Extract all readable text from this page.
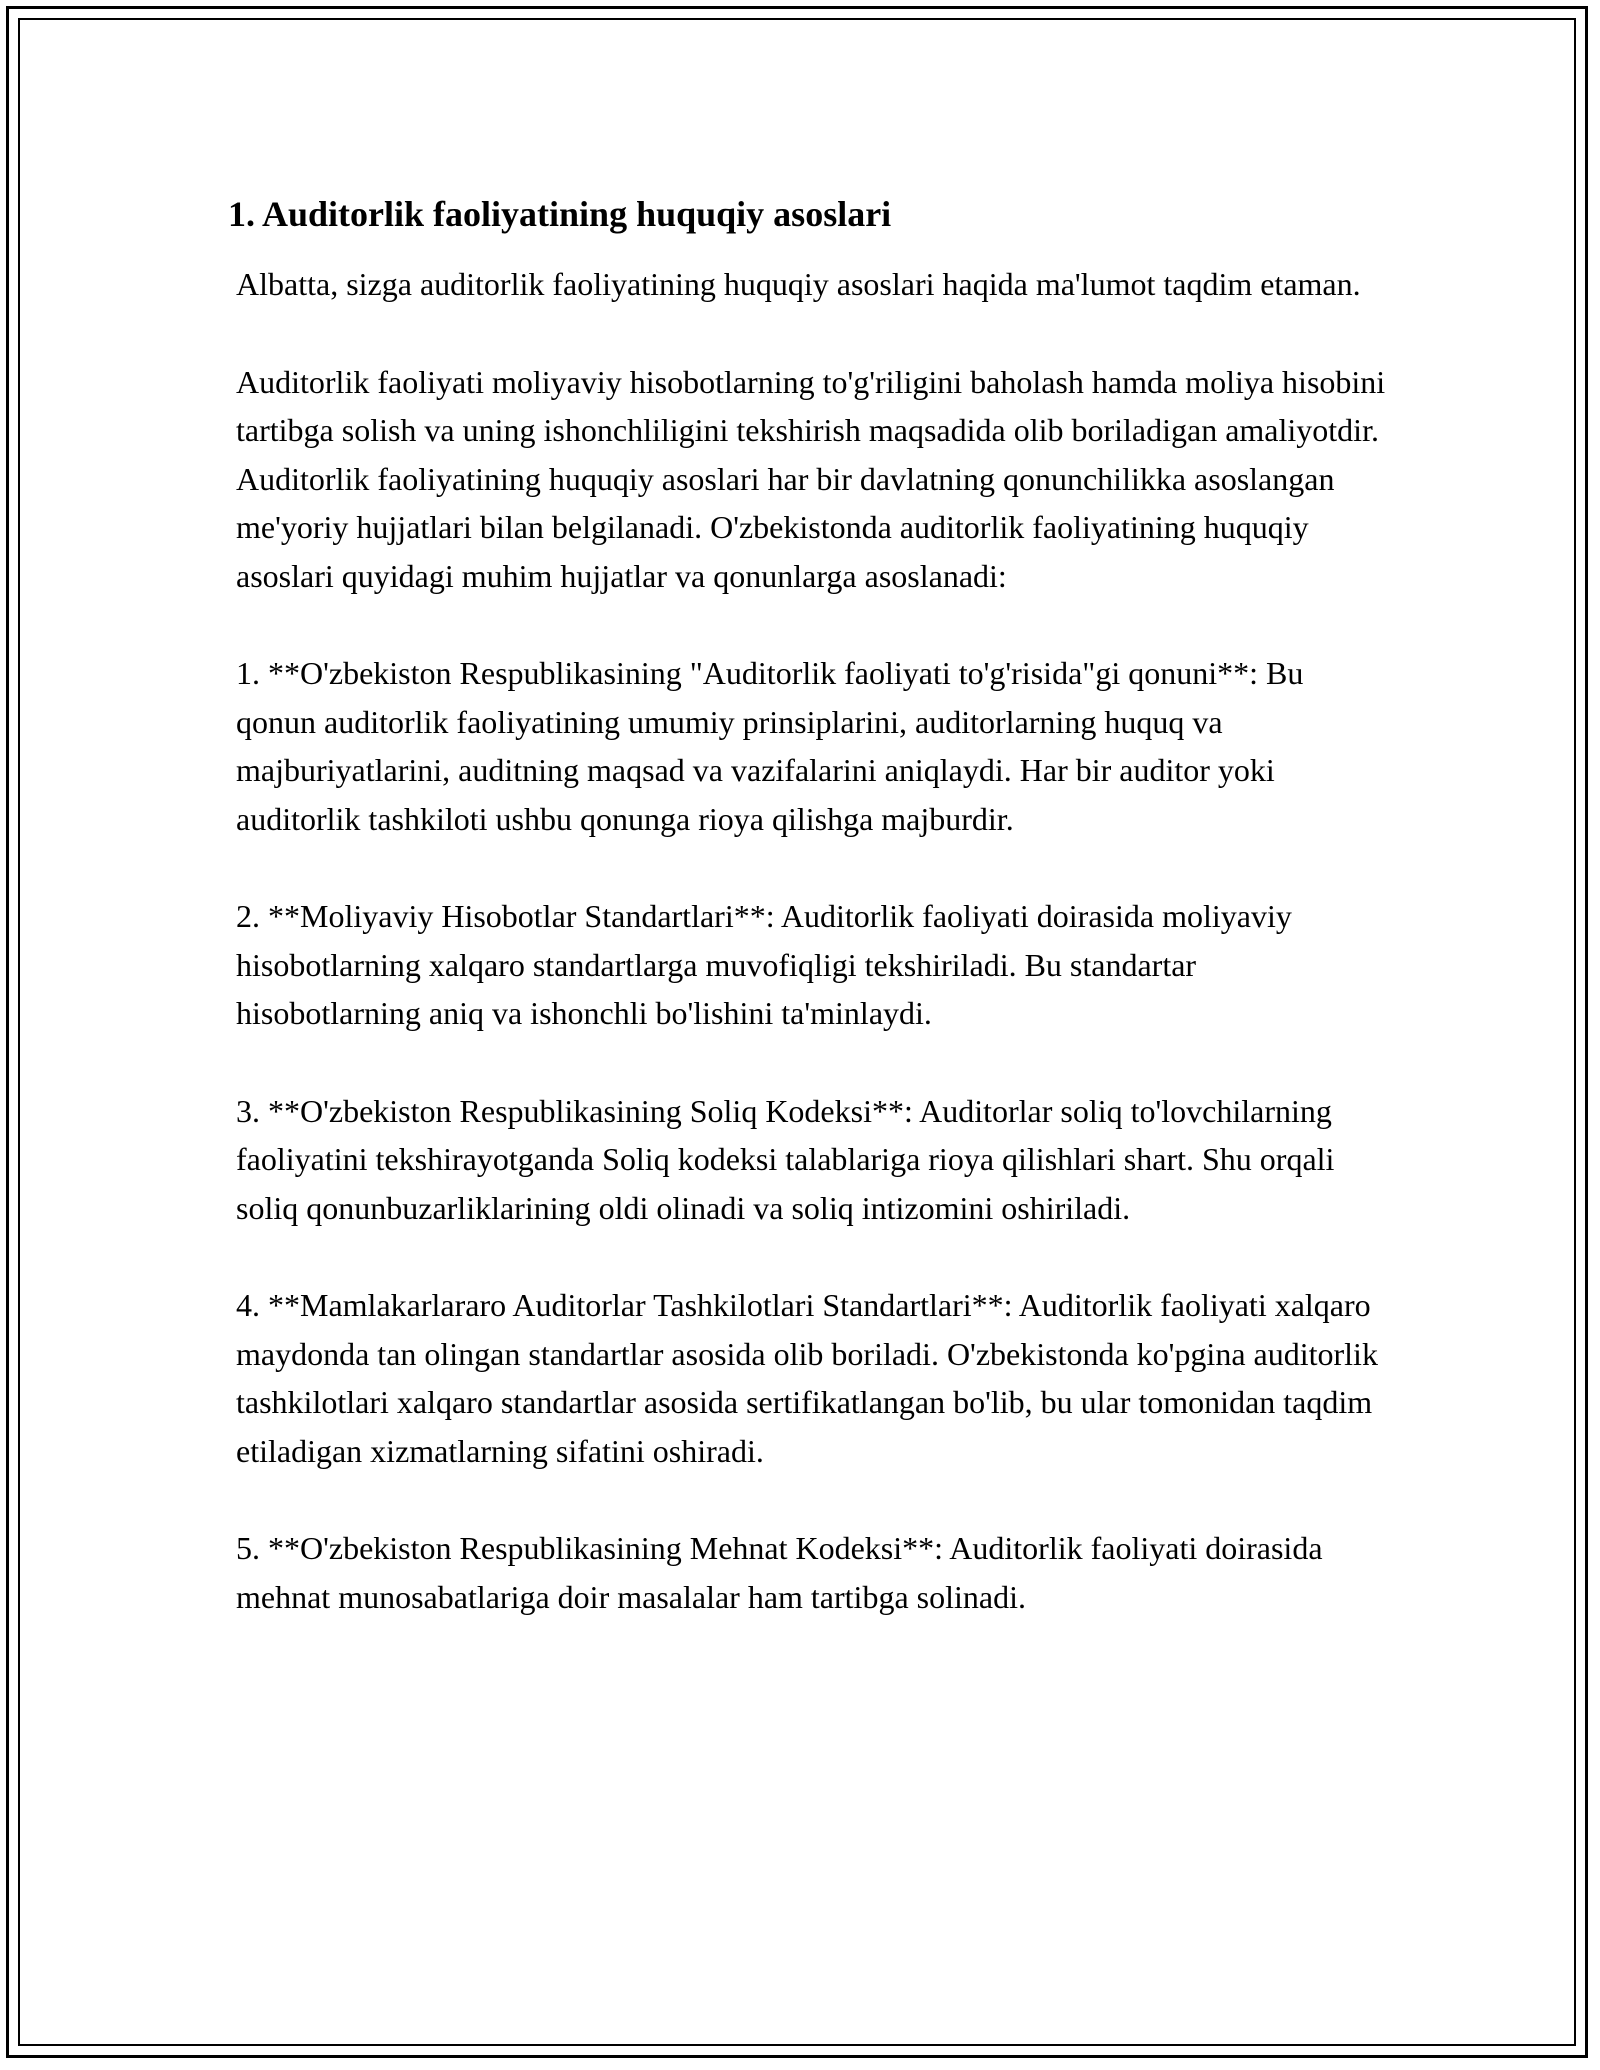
1. Auditorlik faoliyatining huquqiy asoslari

Albatta, sizga auditorlik faoliyatining huquqiy asoslari haqida ma'lumot taqdim etaman.

Auditorlik faoliyati moliyaviy hisobotlarning to'g'riligini baholash hamda moliya hisobini tartibga solish va uning ishonchliligini tekshirish maqsadida olib boriladigan amaliyotdir. Auditorlik faoliyatining huquqiy asoslari har bir davlatning qonunchilikka asoslangan me'yoriy hujjatlari bilan belgilanadi. O'zbekistonda auditorlik faoliyatining huquqiy asoslari quyidagi muhim hujjatlar va qonunlarga asoslanadi:

1. **O'zbekiston Respublikasining "Auditorlik faoliyati to'g'risida"gi qonuni**: Bu qonun auditorlik faoliyatining umumiy prinsiplarini, auditorlarning huquq va majburiyatlarini, auditning maqsad va vazifalarini aniqlaydi. Har bir auditor yoki auditorlik tashkiloti ushbu qonunga rioya qilishga majburdir.

2. **Moliyaviy Hisobotlar Standartlari**: Auditorlik faoliyati doirasida moliyaviy hisobotlarning xalqaro standartlarga muvofiqligi tekshiriladi. Bu standartar hisobotlarning aniq va ishonchli bo'lishini ta'minlaydi.

3. **O'zbekiston Respublikasining Soliq Kodeksi**: Auditorlar soliq to'lovchilarning faoliyatini tekshirayotganda Soliq kodeksi talablariga rioya qilishlari shart. Shu orqali soliq qonunbuzarliklarining oldi olinadi va soliq intizomini oshiriladi.

4. **Mamlakarlararo Auditorlar Tashkilotlari Standartlari**: Auditorlik faoliyati xalqaro maydonda tan olingan standartlar asosida olib boriladi. O'zbekistonda ko'pgina auditorlik tashkilotlari xalqaro standartlar asosida sertifikatlangan bo'lib, bu ular tomonidan taqdim etiladigan xizmatlarning sifatini oshiradi.

5. **O'zbekiston Respublikasining Mehnat Kodeksi**: Auditorlik faoliyati doirasida mehnat munosabatlariga doir masalalar ham tartibga solinadi.
